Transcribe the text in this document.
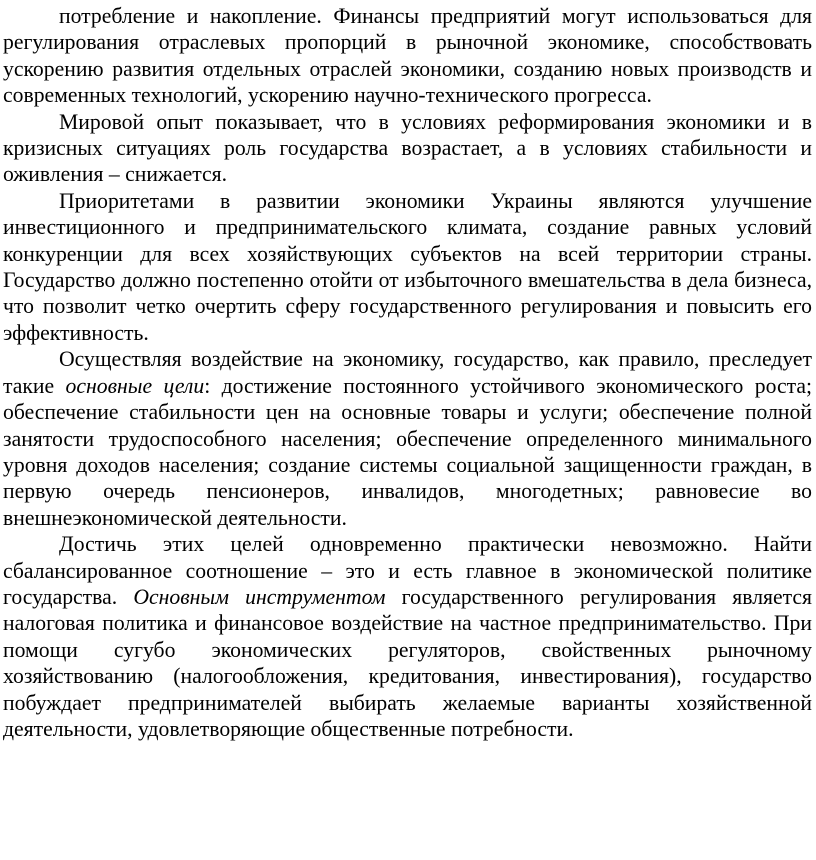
потребление и накопление. Финансы предприятий могут использоваться для регулирования отраслевых пропорций в рыночной экономике, способствовать ускорению развития отдельных отраслей экономики, созданию новых производств и современных технологий, ускорению научно-технического прогресса.

Мировой опыт показывает, что в условиях реформирования экономики и в кризисных ситуациях роль государства возрастает, а в условиях стабильности и оживления – снижается.

Приоритетами в развитии экономики Украины являются улучшение инвестиционного и предпринимательского климата, создание равных условий конкуренции для всех хозяйствующих субъектов на всей территории страны. Государство должно постепенно отойти от избыточного вмешательства в дела бизнеса, что позволит четко очертить сферу государственного регулирования и повысить его эффективность.

Осуществляя воздействие на экономику, государство, как правило, преследует такие основные цели: достижение постоянного устойчивого экономического роста; обеспечение стабильности цен на основные товары и услуги; обеспечение полной занятости трудоспособного населения; обеспечение определенного минимального уровня доходов населения; создание системы социальной защищенности граждан, в первую очередь пенсионеров, инвалидов, многодетных; равновесие во внешнеэкономической деятельности.

Достичь этих целей одновременно практически невозможно. Найти сбалансированное соотношение – это и есть главное в экономической политике государства. Основным инструментом государственного регулирования является налоговая политика и финансовое воздействие на частное предпринимательство. При помощи сугубо экономических регуляторов, свойственных рыночному хозяйствованию (налогообложения, кредитования, инвестирования), государство побуждает предпринимателей выбирать желаемые варианты хозяйственной деятельности, удовлетворяющие общественные потребности.
